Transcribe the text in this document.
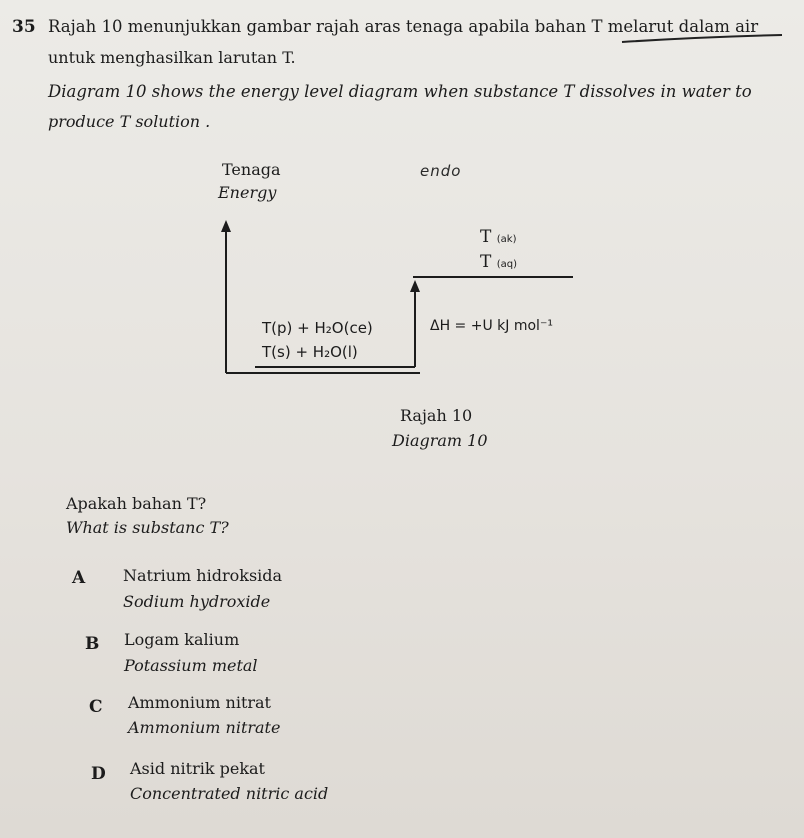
35 Rajah 10 menunjukkan gambar rajah aras tenaga apabila bahan T melarut dalam air
untuk menghasilkan larutan T.
Diagram 10 shows the energy level diagram when substance T dissolves in water to
produce T solution .
endo
Tenaga
Energy
T (ak)
T (aq)
T(p) + H₂O(ce)
T(s) + H₂O(l)
ΔH = +U kJ mol⁻¹
Rajah 10
Diagram 10
Apakah bahan T?
What is substanc T?
A Natrium hidroksida
Sodium hydroxide
B Logam kalium
Potassium metal
C Ammonium nitrat
Ammonium nitrate
D Asid nitrik pekat
Concentrated nitric acid
